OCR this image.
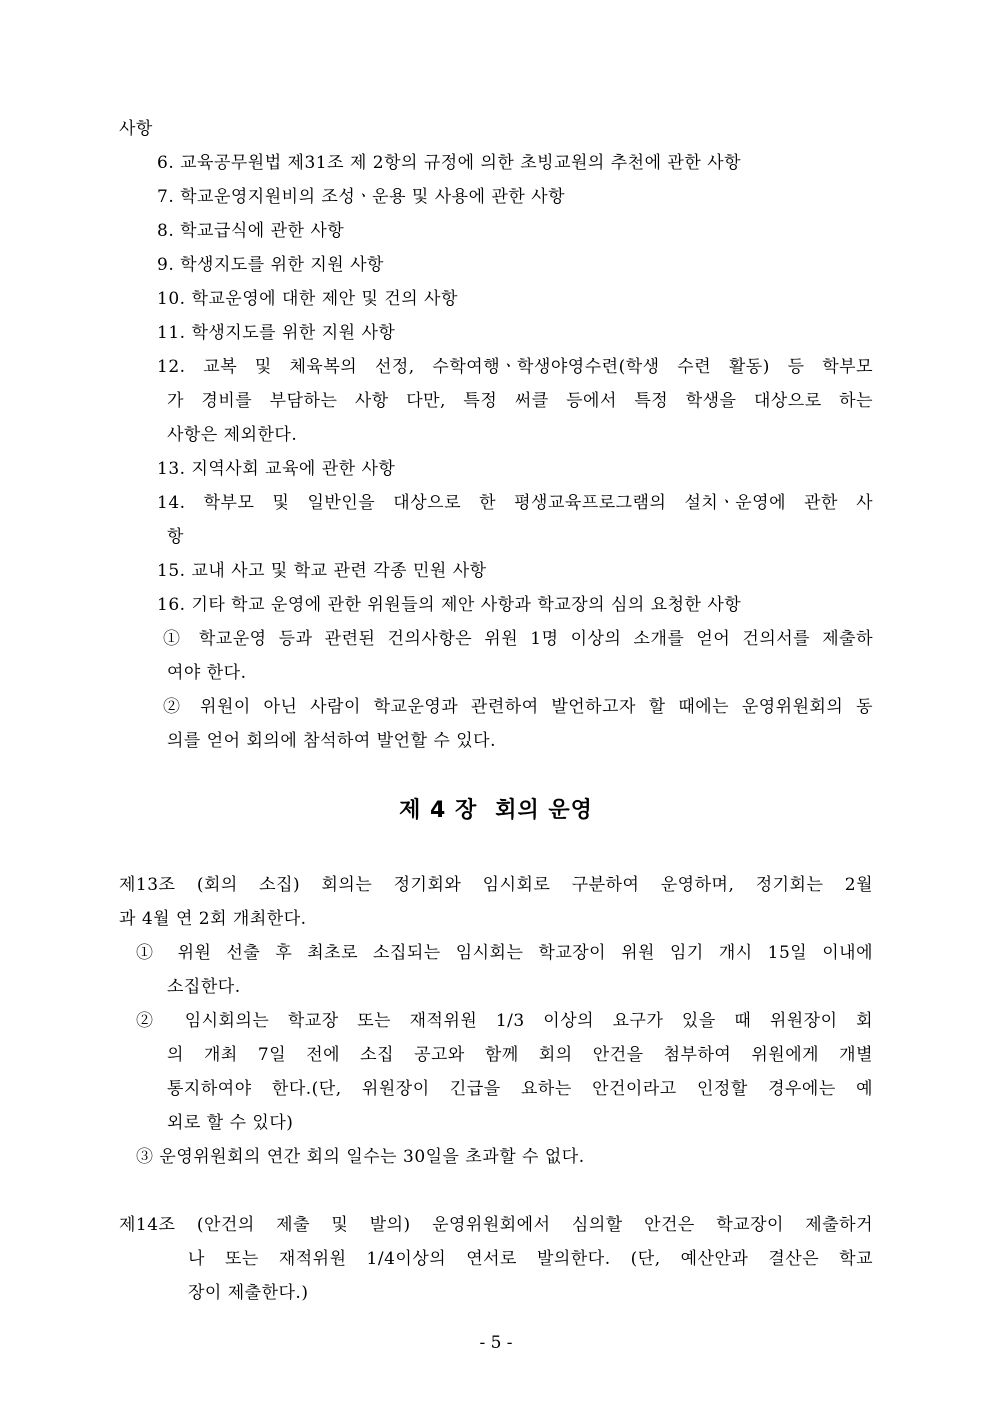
사항
6. 교육공무원법 제31조 제 2항의 규정에 의한 초빙교원의 추천에 관한 사항
7. 학교운영지원비의 조성ㆍ운용 및 사용에 관한 사항
8. 학교급식에 관한 사항
9. 학생지도를 위한 지원 사항
10. 학교운영에 대한 제안 및 건의 사항
11. 학생지도를 위한 지원 사항
12. 교복 및 체육복의 선정, 수학여행ㆍ학생야영수련(학생 수련 활동) 등 학부모
가 경비를 부담하는 사항 다만, 특정 써클 등에서 특정 학생을 대상으로 하는
사항은 제외한다.
13. 지역사회 교육에 관한 사항
14. 학부모 및 일반인을 대상으로 한 평생교육프로그램의 설치ㆍ운영에 관한 사
항
15. 교내 사고 및 학교 관련 각종 민원 사항
16. 기타 학교 운영에 관한 위원들의 제안 사항과 학교장의 심의 요청한 사항
① 학교운영 등과 관련된 건의사항은 위원 1명 이상의 소개를 얻어 건의서를 제출하
여야 한다.
② 위원이 아닌 사람이 학교운영과 관련하여 발언하고자 할 때에는 운영위원회의 동
의를 얻어 회의에 참석하여 발언할 수 있다.
제 4 장 회의 운영
제13조 (회의 소집) 회의는 정기회와 임시회로 구분하여 운영하며, 정기회는 2월
과 4월 연 2회 개최한다.
① 위원 선출 후 최초로 소집되는 임시회는 학교장이 위원 임기 개시 15일 이내에
소집한다.
② 임시회의는 학교장 또는 재적위원 1/3 이상의 요구가 있을 때 위원장이 회
의 개최 7일 전에 소집 공고와 함께 회의 안건을 첨부하여 위원에게 개별
통지하여야 한다.(단, 위원장이 긴급을 요하는 안건이라고 인정할 경우에는 예
외로 할 수 있다)
③ 운영위원회의 연간 회의 일수는 30일을 초과할 수 없다.
제14조 (안건의 제출 및 발의) 운영위원회에서 심의할 안건은 학교장이 제출하거
나 또는 재적위원 1/4이상의 연서로 발의한다. (단, 예산안과 결산은 학교
장이 제출한다.)
- 5 -
